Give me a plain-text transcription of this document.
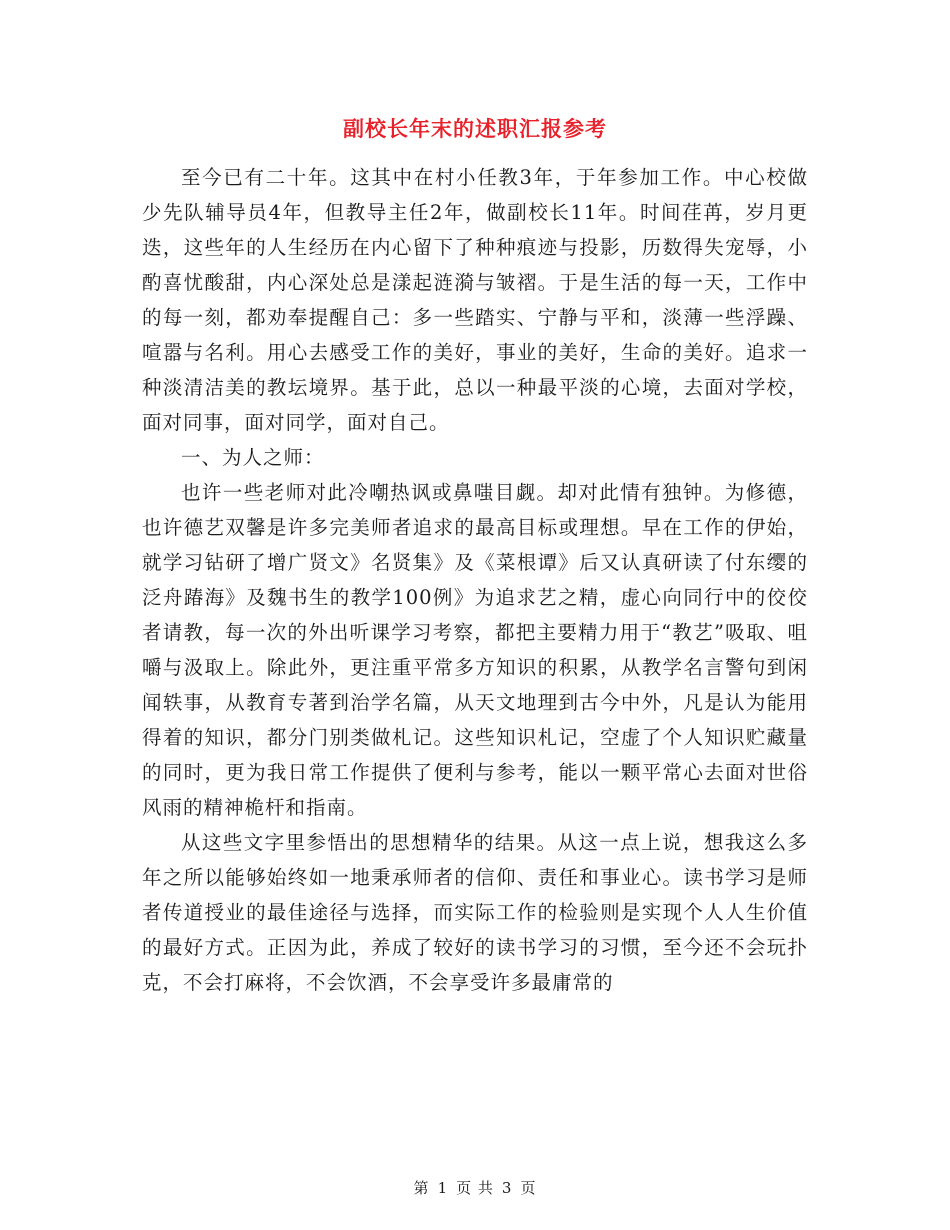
副校长年末的述职汇报参考

至今已有二十年。这其中在村小任教3年，于年参加工作。中心校做少先队辅导员4年，但教导主任2年，做副校长11年。时间荏苒，岁月更迭，这些年的人生经历在内心留下了种种痕迹与投影，历数得失宠辱，小酌喜忧酸甜，内心深处总是漾起涟漪与皱褶。于是生活的每一天，工作中的每一刻，都劝奉提醒自己：多一些踏实、宁静与平和，淡薄一些浮躁、喧嚣与名利。用心去感受工作的美好，事业的美好，生命的美好。追求一种淡清洁美的教坛境界。基于此，总以一种最平淡的心境，去面对学校，面对同事，面对同学，面对自己。

一、为人之师：

也许一些老师对此冷嘲热讽或鼻嗤目觑。却对此情有独钟。为修德，也许德艺双馨是许多完美师者追求的最高目标或理想。早在工作的伊始，就学习钻研了增广贤文》名贤集》及《菜根谭》后又认真研读了付东缨的泛舟踳海》及魏书生的教学100例》为追求艺之精，虚心向同行中的佼佼者请教，每一次的外出听课学习考察，都把主要精力用于“教艺”吸取、咀嚼与汲取上。除此外，更注重平常多方知识的积累，从教学名言警句到闲闻轶事，从教育专著到治学名篇，从天文地理到古今中外，凡是认为能用得着的知识，都分门别类做札记。这些知识札记，空虚了个人知识贮藏量的同时，更为我日常工作提供了便利与参考，能以一颗平常心去面对世俗风雨的精神桅杆和指南。

从这些文字里参悟出的思想精华的结果。从这一点上说，想我这么多年之所以能够始终如一地秉承师者的信仰、责任和事业心。读书学习是师者传道授业的最佳途径与选择，而实际工作的检验则是实现个人人生价值的最好方式。正因为此，养成了较好的读书学习的习惯，至今还不会玩扑克，不会打麻将，不会饮酒，不会享受许多最庸常的

第 1 页 共 3 页
